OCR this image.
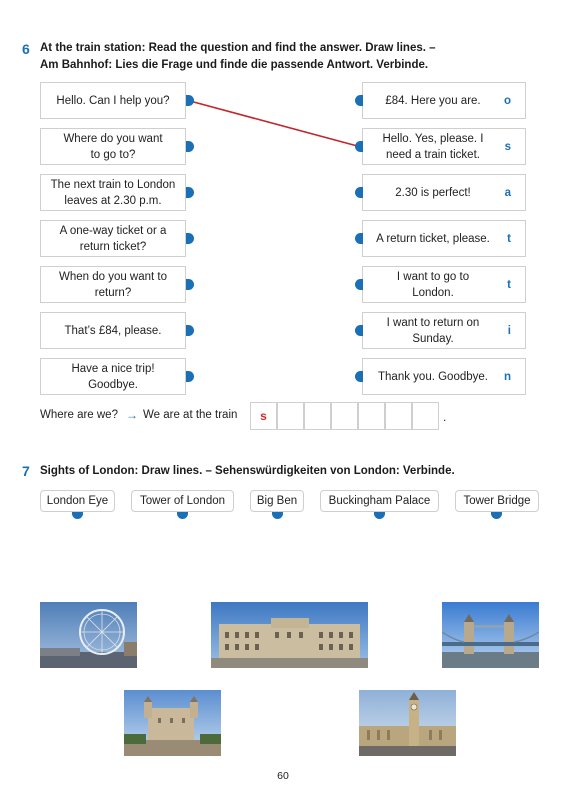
6 At the train station: Read the question and find the answer. Draw lines. –
Am Bahnhof: Lies die Frage und finde die passende Antwort. Verbinde.
Hello. Can I help you?
Where do you want to go to?
The next train to London leaves at 2.30 p.m.
A one-way ticket or a return ticket?
When do you want to return?
That’s £84, please.
Have a nice trip! Goodbye.
£84. Here you are. o
Hello. Yes, please. I need a train ticket.
s
2.30 is perfect!	a
A return ticket, please. t
I want to go to London.
t
I want to return on Sunday.
i
Thank you. Goodbye. n
Where are we? → We are at the train s	.
7 Sights of London: Draw lines. – Sehenswürdigkeiten von London: Verbinde.
London Eye	Tower of London	Big Ben	Buckingham Palace	Tower Bridge
60
